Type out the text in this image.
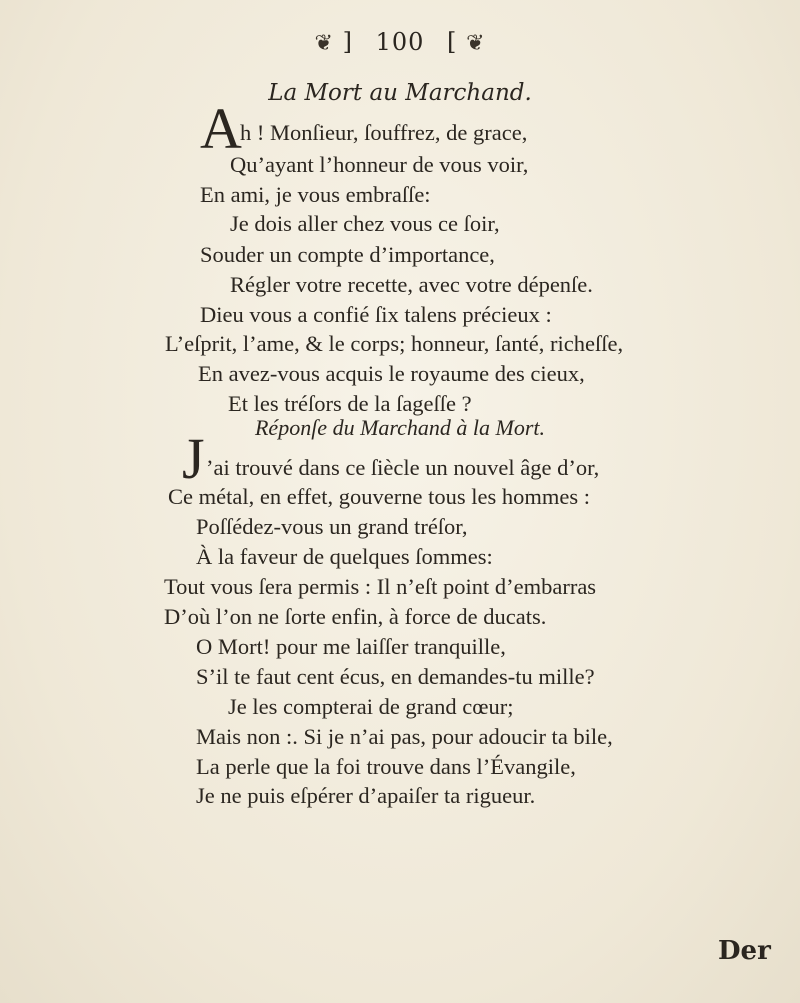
❦ ] 100 [ ❦
La Mort au Marchand.
A
h ! Monſieur, ſouffrez, de grace,
Qu’ayant l’honneur de vous voir,
En ami, je vous embraſſe:
Je dois aller chez vous ce ſoir,
Souder un compte d’importance,
Régler votre recette, avec votre dépenſe.
Dieu vous a confié ſix talens précieux :
L’eſprit, l’ame, & le corps; honneur, ſanté, richeſſe,
En avez-vous acquis le royaume des cieux,
Et les tréſors de la ſageſſe ?
Réponſe du Marchand à la Mort.
J ’ai trouvé dans ce ſiècle un nouvel âge d’or,
Ce métal, en effet, gouverne tous les hommes :
Poſſédez-vous un grand tréſor,
À la faveur de quelques ſommes:
Tout vous ſera permis : Il n’eſt point d’embarras
D’où l’on ne ſorte enfin, à force de ducats.
O Mort! pour me laiſſer tranquille,
S’il te faut cent écus, en demandes-tu mille?
Je les compterai de grand cœur;
Mais non :. Si je n’ai pas, pour adoucir ta bile,
La perle que la foi trouve dans l’Évangile,
Je ne puis eſpérer d’apaiſer ta rigueur.
Der
